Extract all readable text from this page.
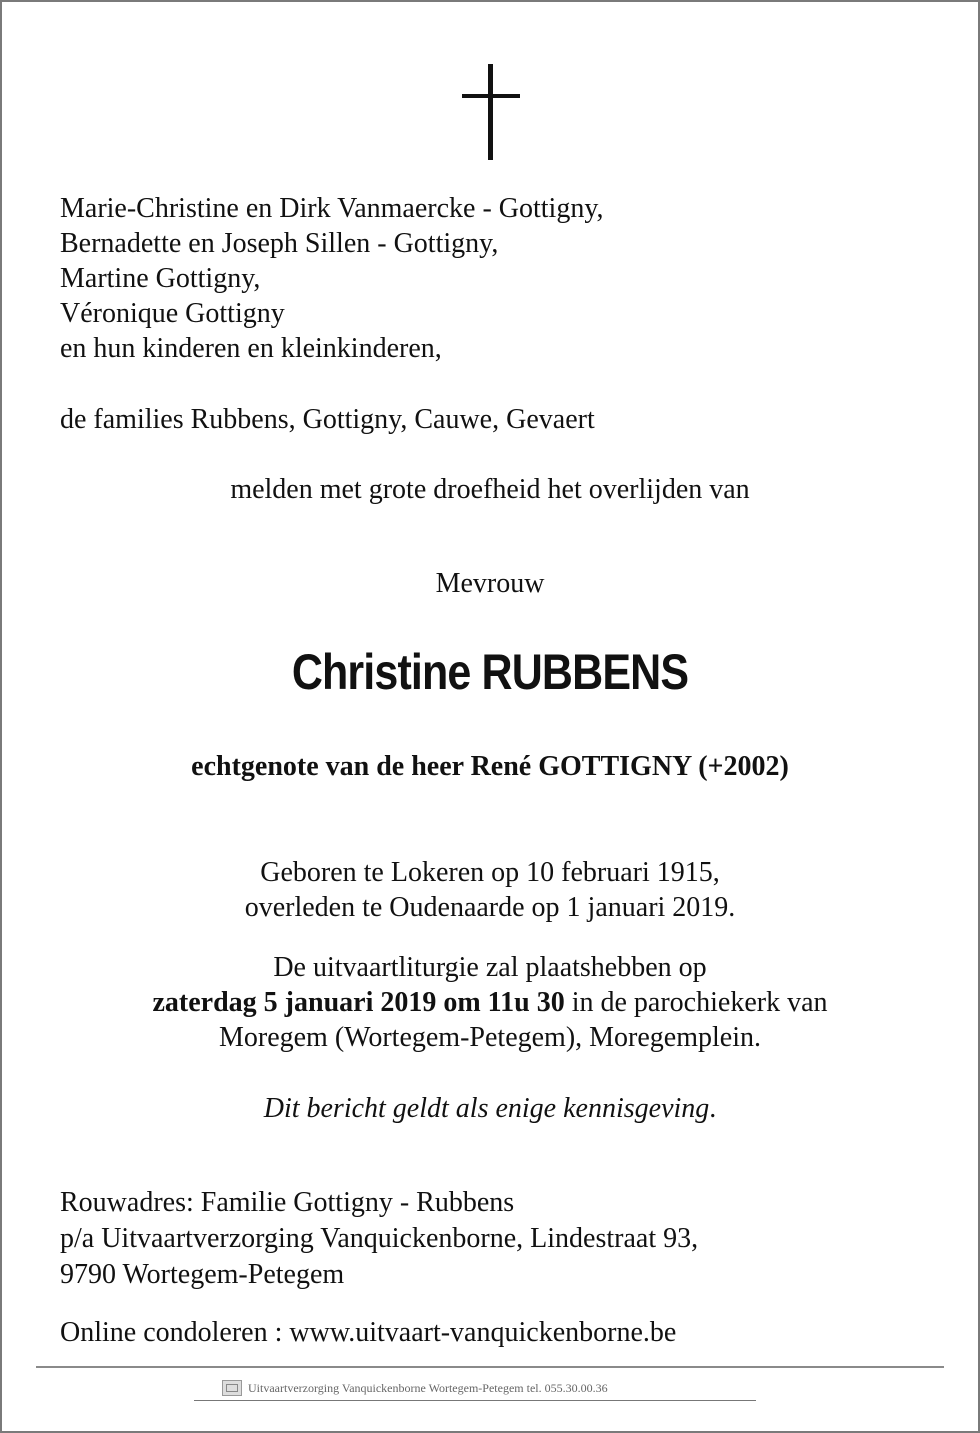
Marie-Christine en Dirk Vanmaercke - Gottigny,
Bernadette en Joseph Sillen - Gottigny,
Martine Gottigny,
Véronique Gottigny
en hun kinderen en kleinkinderen,
de families Rubbens, Gottigny, Cauwe, Gevaert
melden met grote droefheid het overlijden van
Mevrouw
Christine RUBBENS
echtgenote van de heer René GOTTIGNY (+2002)
Geboren te Lokeren op 10 februari 1915,
overleden te Oudenaarde op 1 januari 2019.
De uitvaartliturgie zal plaatshebben op
zaterdag 5 januari 2019 om 11u 30 in de parochiekerk van
Moregem (Wortegem-Petegem), Moregemplein.
Dit bericht geldt als enige kennisgeving.
Rouwadres: Familie Gottigny - Rubbens
p/a Uitvaartverzorging Vanquickenborne, Lindestraat 93,
9790 Wortegem-Petegem
Online condoleren : www.uitvaart-vanquickenborne.be
Uitvaartverzorging Vanquickenborne Wortegem-Petegem tel. 055.30.00.36
